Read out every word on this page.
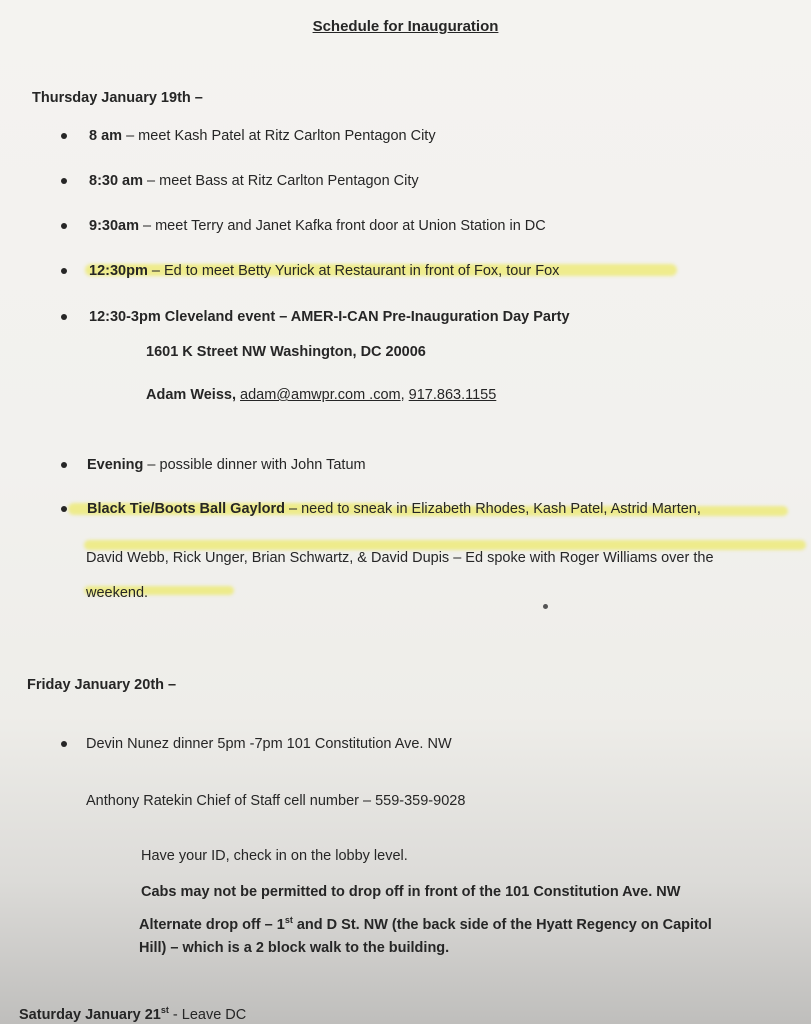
Schedule for Inauguration
Thursday January 19th –
8 am – meet Kash Patel at Ritz Carlton Pentagon City
8:30 am – meet Bass at Ritz Carlton Pentagon City
9:30am – meet Terry and Janet Kafka front door at Union Station in DC
12:30pm – Ed to meet Betty Yurick at Restaurant in front of Fox, tour Fox
12:30-3pm Cleveland event – AMER-I-CAN Pre-Inauguration Day Party
1601 K Street NW Washington, DC 20006
Adam Weiss, adam@amwpr.com .com, 917.863.1155
Evening – possible dinner with John Tatum
Black Tie/Boots Ball Gaylord – need to sneak in Elizabeth Rhodes, Kash Patel, Astrid Marten,
David Webb, Rick Unger, Brian Schwartz, & David Dupis – Ed spoke with Roger Williams over the
weekend.
Friday January 20th –
Devin Nunez dinner 5pm -7pm 101 Constitution Ave. NW
Anthony Ratekin Chief of Staff cell number – 559-359-9028
Have your ID, check in on the lobby level.
Cabs may not be permitted to drop off in front of the 101 Constitution Ave. NW
Alternate drop off – 1st and D St. NW (the back side of the Hyatt Regency on Capitol
Hill) – which is a 2 block walk to the building.
Saturday January 21st - Leave DC
